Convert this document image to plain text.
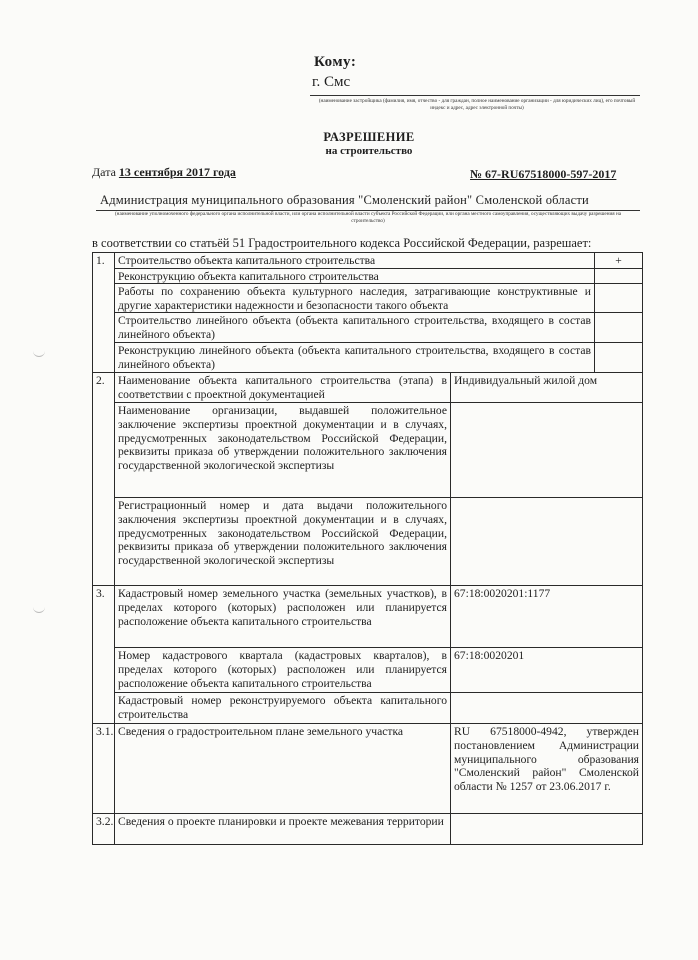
Кому:
г. Смс
(наименование застройщика (фамилия, имя, отчество - для граждан, полное наименование организации - для юридических лиц), его почтовый индекс и адрес, адрес электронной почты)
РАЗРЕШЕНИЕ
на строительство
Дата 13 сентября 2017 года	№ 67-RU67518000-597-2017
Администрация муниципального образования "Смоленский район" Смоленской области
(наименование уполномоченного федерального органа исполнительной власти, или органа исполнительной власти субъекта Российской Федерации, или органа местного самоуправления, осуществляющих выдачу разрешения на строительство)
в соответствии со статьёй 51 Градостроительного кодекса Российской Федерации, разрешает:
1.	Строительство объекта капитального строительства		+
	Реконструкцию объекта капитального строительства		
	Работы по сохранению объекта культурного наследия, затрагивающие конструктивные и другие характеристики надежности и безопасности такого объекта		
	Строительство линейного объекта (объекта капитального строительства, входящего в состав линейного объекта)		
	Реконструкцию линейного объекта (объекта капитального строительства, входящего в состав линейного объекта)		
2.	Наименование объекта капитального строительства (этапа) в соответствии с проектной документацией	Индивидуальный жилой дом	
	Наименование организации, выдавшей положительное заключение экспертизы проектной документации и в случаях, предусмотренных законодательством Российской Федерации, реквизиты приказа об утверждении положительного заключения государственной экологической экспертизы		
	Регистрационный номер и дата выдачи положительного заключения экспертизы проектной документации и в случаях, предусмотренных законодательством Российской Федерации, реквизиты приказа об утверждении положительного заключения государственной экологической экспертизы		
3.	Кадастровый номер земельного участка (земельных участков), в пределах которого (которых) расположен или планируется расположение объекта капитального строительства	67:18:0020201:1177	
	Номер кадастрового квартала (кадастровых кварталов), в пределах которого (которых) расположен или планируется расположение объекта капитального строительства	67:18:0020201	
	Кадастровый номер реконструируемого объекта капитального строительства		
3.1.	Сведения о градостроительном плане земельного участка	RU 67518000-4942, утвержден постановлением Администрации муниципального образования "Смоленский район" Смоленской области № 1257 от 23.06.2017 г.	
3.2.	Сведения о проекте планировки и проекте межевания территории		
